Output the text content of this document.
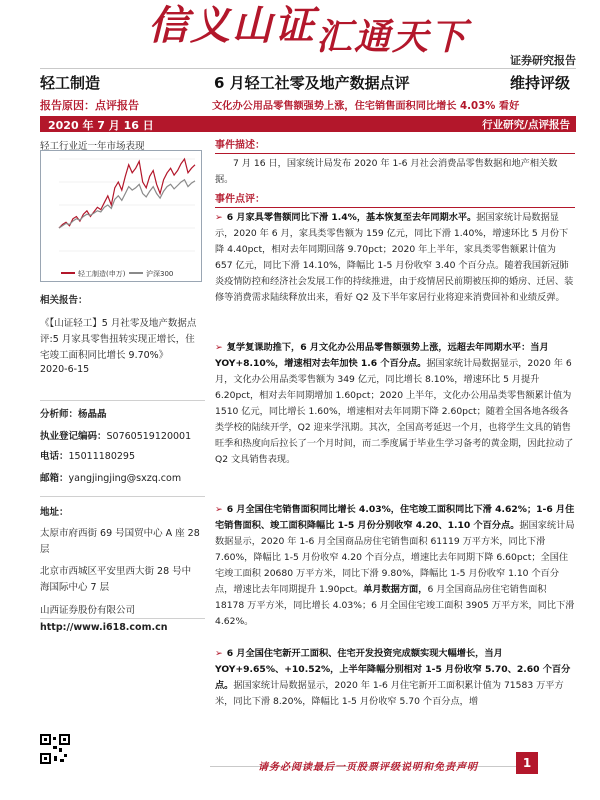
信义山证汇通天下
证券研究报告
轻工制造	6 月轻工社零及地产数据点评	维持评级
报告原因：点评报告	文化办公用品零售额强势上涨，住宅销售面积同比增长 4.03% 看好
2020 年 7 月 16 日	行业研究/点评报告
轻工行业近一年市场表现
轻工制造(申万)	沪深300
相关报告：
《【山证轻工】5 月社零及地产数据点评:5 月家具零售扭转实现正增长，住宅竣工面积同比增长 9.70%》
2020-6-15
分析师：杨晶晶
执业登记编码：S0760519120001
电话：15011180295
邮箱：yangjingjing@sxzq.com
地址：
太原市府西街 69 号国贸中心 A 座 28 层
北京市西城区平安里西大街 28 号中海国际中心 7 层
山西证券股份有限公司
http://www.i618.com.cn
事件描述：
7 月 16 日，国家统计局发布 2020 年 1-6 月社会消费品零售数据和地产相关数据。
事件点评：

➢ 6 月家具零售额同比下滑 1.4%，基本恢复至去年同期水平。据国家统计局数据显示，2020 年 6 月，家具类零售额为 159 亿元，同比下滑 1.40%，增速环比 5 月份下降 4.40pct，相对去年同期回落 9.70pct；2020 年上半年，家具类零售额累计值为 657 亿元，同比下滑 14.10%，降幅比 1-5 月份收窄 3.40 个百分点。随着我国新冠肺炎疫情防控和经济社会发展工作的持续推进，由于疫情居民前期被压抑的婚房、迁居、装修等消费需求陆续释放出来，看好 Q2 及下半年家居行业将迎来消费回补和业绩反弹。

➢ 复学复课助推下，6 月文化办公用品零售额强势上涨，远超去年同期水平：当月 YOY+8.10%，增速相对去年加快 1.6 个百分点。据国家统计局数据显示，2020 年 6 月，文化办公用品类零售额为 349 亿元，同比增长 8.10%，增速环比 5 月提升 6.20pct，相对去年同期增加 1.60pct；2020 上半年，文化办公用品类零售额累计值为 1510 亿元，同比增长 1.60%，增速相对去年同期下降 2.60pct；随着全国各地各级各类学校的陆续开学，Q2 迎来学汛期。其次，全国高考延迟一个月，也将学生文具的销售旺季和热度向后拉长了一个月时间，而二季度属于毕业生学习备考的黄金期，因此拉动了 Q2 文具销售表现。

➢ 6 月全国住宅销售面积同比增长 4.03%，住宅竣工面积同比下滑 4.62%；1-6 月住宅销售面积、竣工面积降幅比 1-5 月份分别收窄 4.20、1.10 个百分点。据国家统计局数据显示，2020 年 1-6 月全国商品房住宅销售面积 61119 万平方米，同比下滑 7.60%，降幅比 1-5 月份收窄 4.20 个百分点，增速比去年同期下降 6.60pct；全国住宅竣工面积 20680 万平方米，同比下滑 9.80%，降幅比 1-5 月份收窄 1.10 个百分点，增速比去年同期提升 1.90pct。单月数据方面，6 月全国商品房住宅销售面积 18178 万平方米，同比增长 4.03%；6 月全国住宅竣工面积 3905 万平方米，同比下滑 4.62%。

➢ 6 月全国住宅新开工面积、住宅开发投资完成额实现大幅增长，当月 YOY+9.65%、+10.52%，上半年降幅分别相对 1-5 月份收窄 5.70、2.60 个百分点。据国家统计局数据显示，2020 年 1-6 月住宅新开工面积累计值为 71583 万平方米，同比下滑 8.20%，降幅比 1-5 月份收窄 5.70 个百分点，增

请务必阅读最后一页股票评级说明和免责声明	1
